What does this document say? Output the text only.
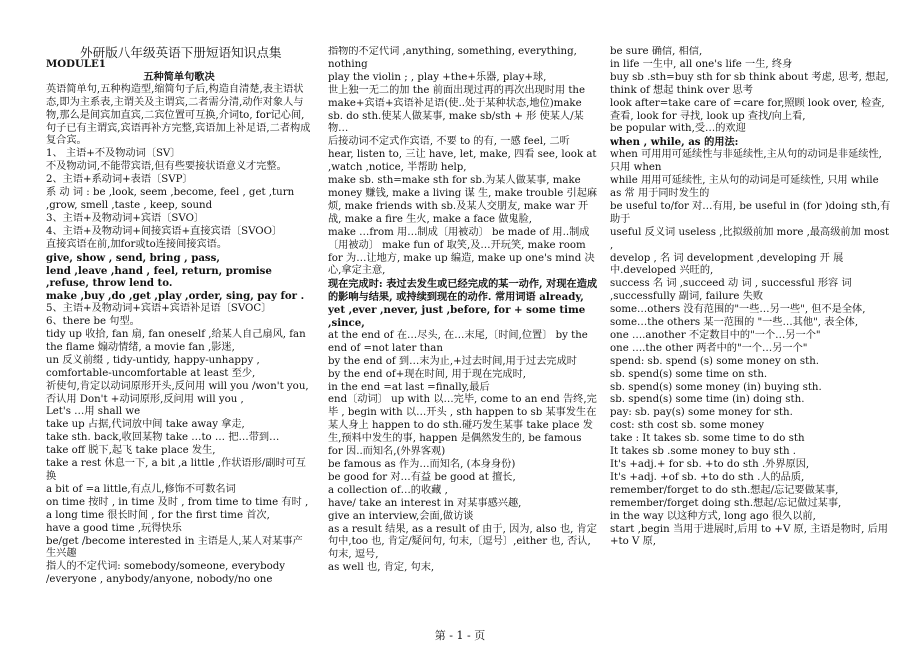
外研版八年级英语下册短语知识点集

MODULE1

五种简单句歌决

英语简单句,五种构造型,缩简句子后,构造自清楚,表主语状态,即为主系表,主谓关及主谓宾,二者需分清,动作对象人与物,那么是间宾加直宾,二宾位置可互换,介词to, for记心间,句子已有主谓宾,宾语再补方完整,宾语加上补足语,二者构成复合宾。

1、 主语+不及物动词〔SV〕

不及物动词,不能带宾语,但有些要接状语意义才完整。

2、主语+系动词+表语〔SVP〕

系 动 词 : be ,look, seem ,become, feel , get ,turn ,grow, smell ,taste , keep, sound

3、主语+及物动词+宾语〔SVO〕

4、主语+及物动词+间接宾语+直接宾语〔SVOO〕

直接宾语在前,加for或to连接间接宾语。

give, show , send, bring , pass,

lend ,leave ,hand , feel, return, promise ,refuse, throw lend to.

make ,buy ,do ,get ,play ,order, sing, pay for .

5、主语+及物动词+宾语+宾语补足语〔SVOC〕

6、there be 句型。

tidy up 收拾, fan 扇, fan oneself ,给某人自己扇风, fan the flame 煽动情绪, a movie fan ,影迷,

un 反义前缀 , tidy-untidy, happy-unhappy , comfortable-uncomfortable at least 至少,

祈使句,肯定以动词原形开头,反问用 will you /won't you,否认用 Don't +动词原形,反问用 will you ,

Let's …用 shall we

take up 占据,代词放中间 take away 拿走,

take sth. back,收回某物 take …to … 把…带到…

take off 脱下,起飞 take place 发生,

take a rest 休息一下, a bit ,a little ,作状语形/副时可互换

a bit of =a little,有点儿,修饰不可数名词

on time 按时 , in time 及时 , from time to time 有时 ,

a long time 很长时间 , for the first time 首次,

have a good time ,玩得快乐

be/get /become interested in 主语是人,某人对某事产生兴趣

指人的不定代词: somebody/someone, everybody /everyone , anybody/anyone, nobody/no one

指物的不定代词 ,anything, something, everything, nothing

play the violin ; , play +the+乐器, play+球,

世上独一无二的加 the 前面出现过再的再次出现时用 the

make+宾语+宾语补足语(使..处于某种状态,地位)make sb. do sth.使某人做某事, make sb/sth + 形 使某人/某物…

后接动词不定式作宾语, 不要 to 的有, 一感 feel, 二听 hear, listen to, 三让 have, let, make, 四看 see, look at ,watch ,notice, 半帮助 help,

make sb. sth=make sth for sb.为某人做某事, make money 赚钱, make a living 谋 生, make trouble 引起麻烦, make friends with sb.及某人交朋友, make war 开战, make a fire 生火, make a face 做鬼脸,

make …from 用…制成〔用被动〕 be made of 用..制成〔用被动〕 make fun of 取笑,及…开玩笑, make room for 为…让地方, make up 编造, make up one's mind 决心,拿定主意,

现在完成时: 表过去发生或已经完成的某一动作, 对现在造成的影响与结果, 或持续到现在的动作. 常用词语 already, yet ,ever ,never, just ,before, for + some time ,since,

at the end of 在…尽头, 在…末尾,〔时间,位置〕 by the end of =not later than

by the end of 到…末为止,+过去时间,用于过去完成时

by the end of+现在时间, 用于现在完成时,

in the end =at last =finally,最后

end〔动词〕 up with 以…完毕, come to an end 告终,完毕 , begin with 以…开头 , sth happen to sb 某事发生在某人身上 happen to do sth.碰巧发生某事 take place 发生,预料中发生的事, happen 是偶然发生的, be famous for 因..而知名,(外界客观)

be famous as 作为…而知名, (本身身份)

be good for 对…有益 be good at 擅长,

a collection of…的收藏 ,

have/ take an interest in 对某事感兴趣,

give an interview,会面,做访谈

as a result 结果, as a result of 由于, 因为, also 也, 肯定句中,too 也, 肯定/疑问句, 句末,〔逗号〕,either 也, 否认, 句末, 逗号,

as well 也, 肯定, 句末,

be sure 确信, 相信,

in life 一生中, all one's life 一生, 终身

buy sb .sth=buy sth for sb think about 考虑, 思考, 想起, think of 想起 think over 思考

look after=take care of =care for,照顾 look over, 检查, 查看, look for 寻找, look up 查找/向上看,

be popular with,受…的欢迎

when , while, as 的用法:

when 可用用可延续性与非延续性,主从句的动词是非延续性,只用 when

while 用用可延续性, 主从句的动词是可延续性, 只用 while

as 常 用于同时发生的

be useful to/for 对…有用, be useful in (for )doing sth,有助于

useful 反义词 useless ,比拟级前加 more ,最高级前加 most ,

develop , 名 词 development ,developing 开 展 中.developed 兴旺的,

success 名 词 ,succeed 动 词 , successful 形容 词 ,successfully 副词, failure 失败

some…others 没有范围的"一些…另一些", 但不是全体,

some…the others 某一范围的 "一些…其他", 表全体,

one ….another 不定数目中的"一个…另一个"

one ….the other 两者中的"一个…另一个"

spend: sb. spend (s) some money on sth.

sb. spend(s) some time on sth.

sb. spend(s) some money (in) buying sth.

sb. spend(s) some time (in) doing sth.

pay: sb. pay(s) some money for sth.

cost: sth cost sb. some money

take : It takes sb. some time to do sth

It takes sb .some money to buy sth .

It's +adj.+ for sb. +to do sth .外界原因,

It's +adj. +of sb. +to do sth .人的品质,

remember/forget to do sth.想起/忘记要做某事,

remember/forget doing sth.想起/忘记做过某事,

in the way 以这种方式, long ago 很久以前,

start ,begin 当用于进展时,后用 to +V 原, 主语是物时, 后用+to V 原,

第 - 1 - 页
